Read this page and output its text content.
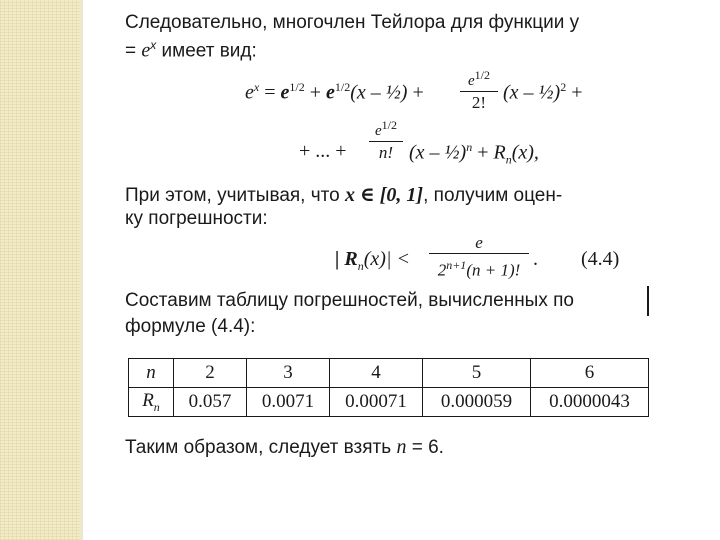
Следовательно, многочлен Тейлора для функции у
= $e^x$ имеет вид:
$e^x = e^{1/2} + e^{1/2}(x$ – ½) +
$e^{1/2}$
2! (x – ½)$^2$ +
+ ... +
$e^{1/2}$
n! (x – ½)$^n$ + $R_n(x)$,
При этом, учитывая, что x ∈ [0, 1], получим оцен-
ку погрешности:
| $R_n(x)|$ <
e
$2^{n+1}(n + 1)$!
. (4.4)
Составим таблицу погрешностей, вычисленных по
формуле (4.4):
n	2	3	4	5	6
$R_n$	0.057	0.0071	0.00071	0.000059	0.0000043
Таким образом, следует взять n = 6.
